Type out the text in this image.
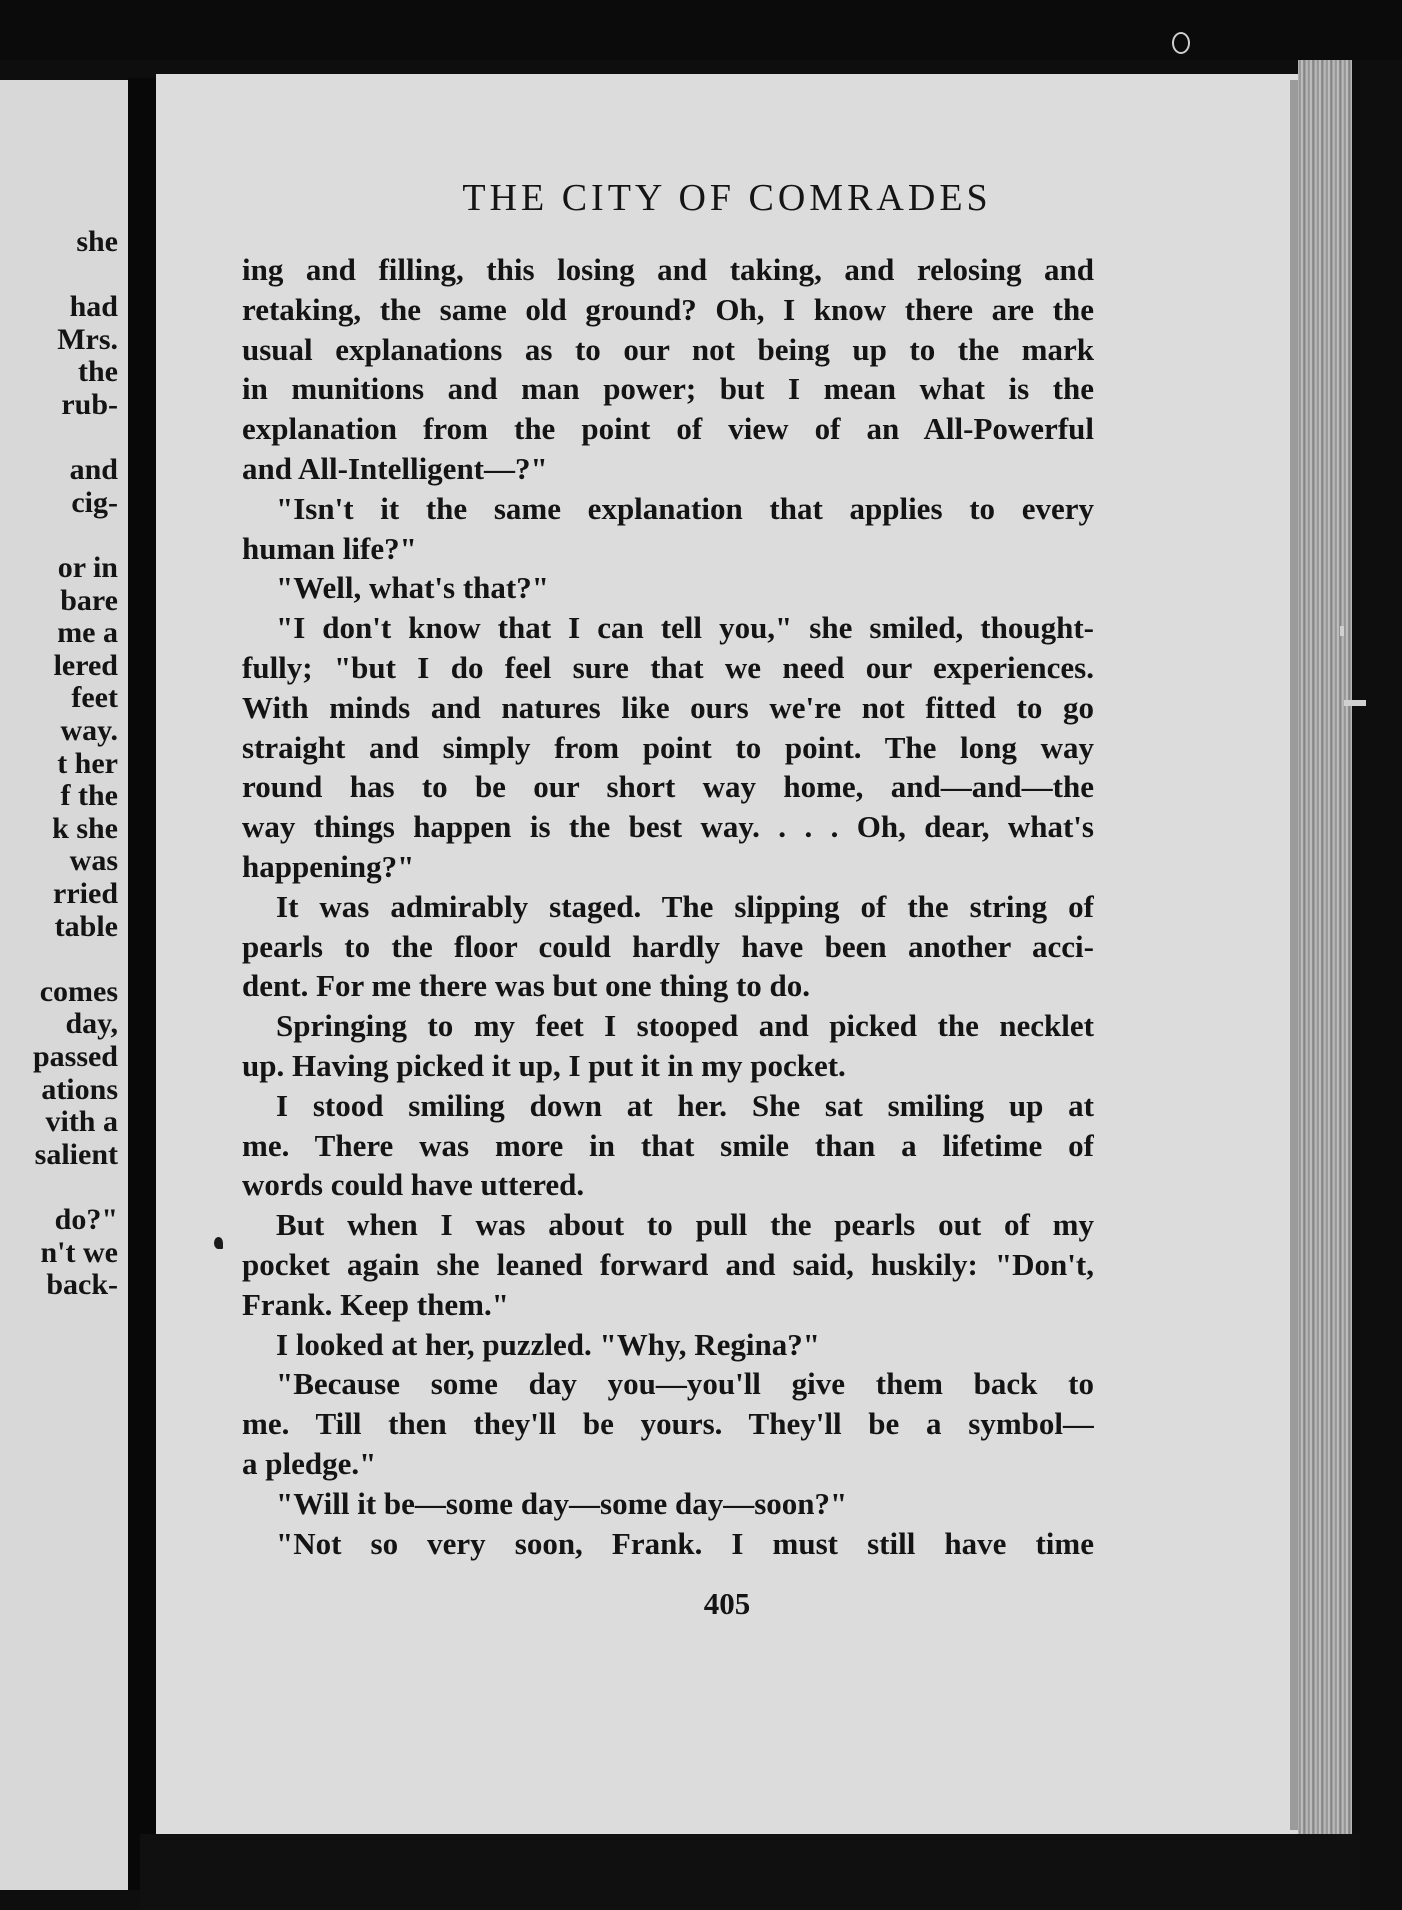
she
had
Mrs.
the
rub-
and
cig-
or in
bare
me a
lered
feet
way.
t her
f the
k she
was
rried
table
comes
day,
passed
ations
vith a
salient
do?"
n't we
back-
THE CITY OF COMRADES
ing and filling, this losing and taking, and relosing and
retaking, the same old ground? Oh, I know there are the
usual explanations as to our not being up to the mark
in munitions and man power; but I mean what is the
explanation from the point of view of an All-Powerful
and All-Intelligent—?"
"Isn't it the same explanation that applies to every
human life?"
"Well, what's that?"
"I don't know that I can tell you," she smiled, thought-
fully; "but I do feel sure that we need our experiences.
With minds and natures like ours we're not fitted to go
straight and simply from point to point. The long way
round has to be our short way home, and—and—the
way things happen is the best way. . . . Oh, dear, what's
happening?"
It was admirably staged. The slipping of the string of
pearls to the floor could hardly have been another acci-
dent. For me there was but one thing to do.
Springing to my feet I stooped and picked the necklet
up. Having picked it up, I put it in my pocket.
I stood smiling down at her. She sat smiling up at
me. There was more in that smile than a lifetime of
words could have uttered.
But when I was about to pull the pearls out of my
pocket again she leaned forward and said, huskily: "Don't,
Frank. Keep them."
I looked at her, puzzled. "Why, Regina?"
"Because some day you—you'll give them back to
me. Till then they'll be yours. They'll be a symbol—
a pledge."
"Will it be—some day—some day—soon?"
"Not so very soon, Frank. I must still have time
405
